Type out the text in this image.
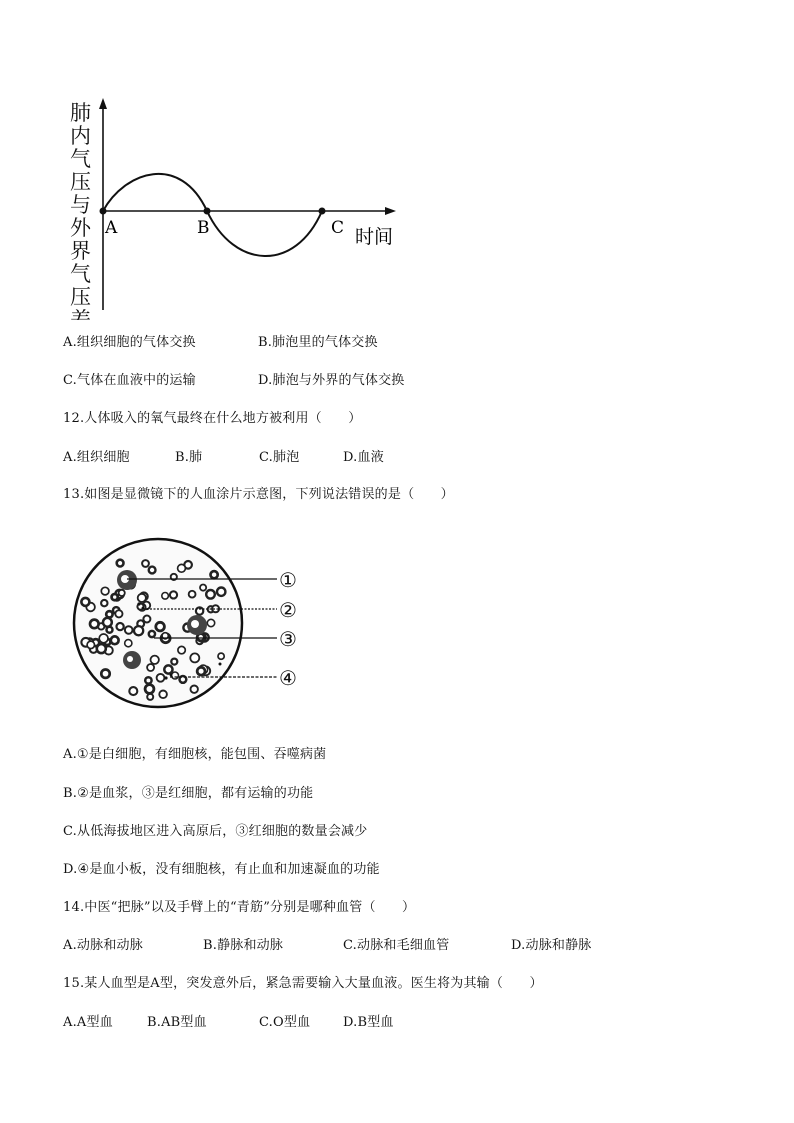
肺
内
气
压
与
外
界
气
压
差
A	B	C 时间
A.组织细胞的气体交换	B.肺泡里的气体交换
C.气体在血液中的运输	D.肺泡与外界的气体交换
12.人体吸入的氧气最终在什么地方被利用（　　）
A.组织细胞	B.肺	C.肺泡	D.血液
13.如图是显微镜下的人血涂片示意图，下列说法错误的是（　　）
①
②
③
④
A.①是白细胞，有细胞核，能包围、吞噬病菌
B.②是血浆，③是红细胞，都有运输的功能
C.从低海拔地区进入高原后，③红细胞的数量会减少
D.④是血小板，没有细胞核，有止血和加速凝血的功能
14.中医“把脉”以及手臂上的“青筋”分别是哪种血管（　　）
A.动脉和动脉	B.静脉和动脉	C.动脉和毛细血管	D.动脉和静脉
15.某人血型是A型，突发意外后，紧急需要输入大量血液。医生将为其输（　　）
A.A型血	B.AB型血	C.O型血	D.B型血
